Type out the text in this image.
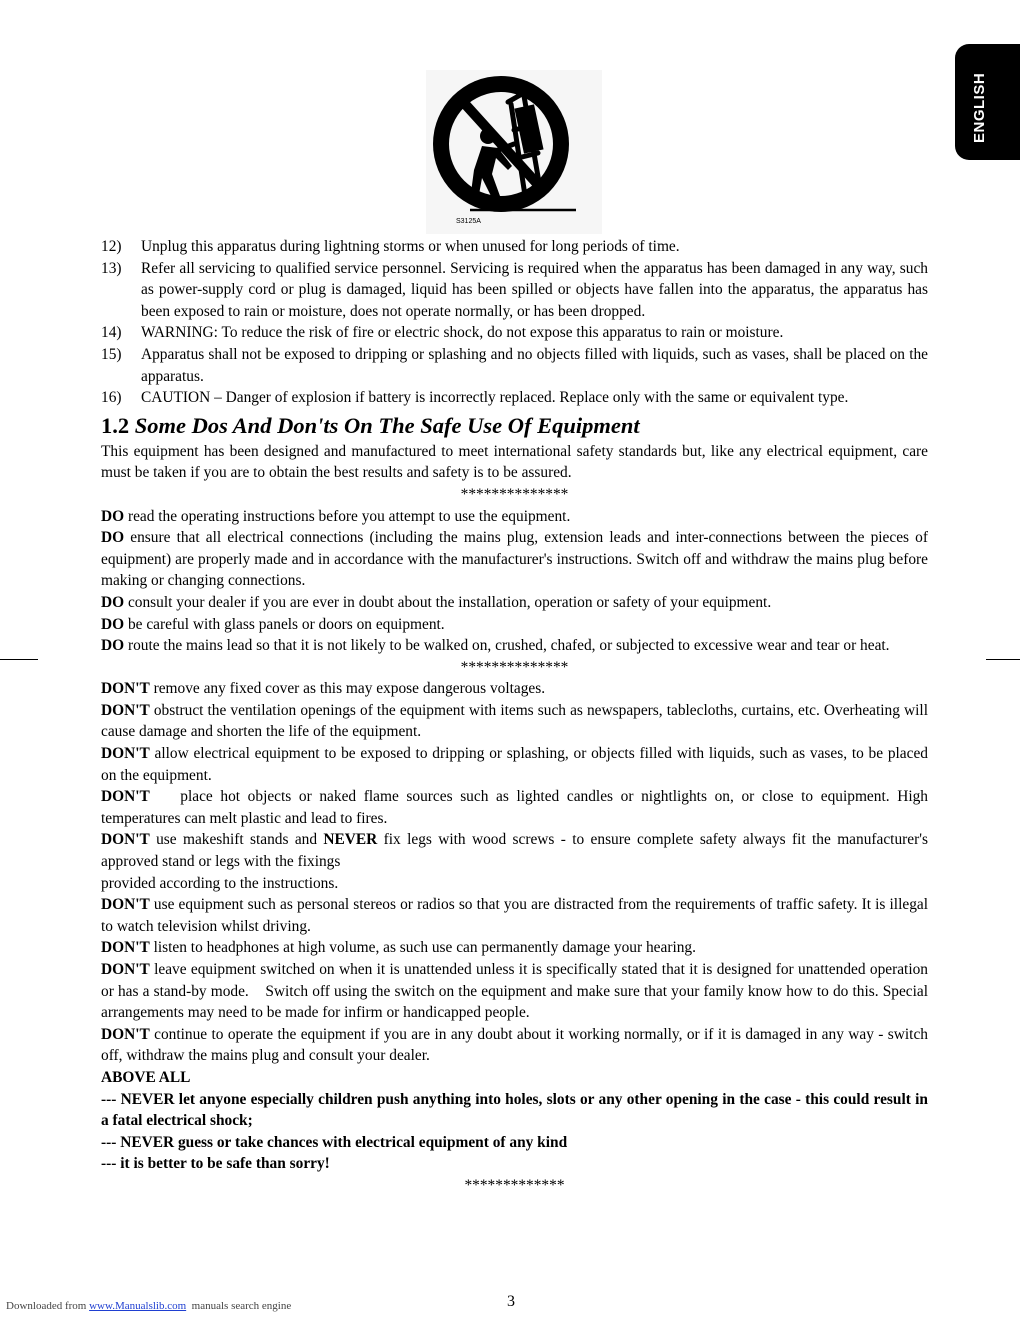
ENGLISH
S3125A
12)	Unplug this apparatus during lightning storms or when unused for long periods of time.
13)	Refer all servicing to qualified service personnel. Servicing is required when the apparatus has been damaged in any way, such as power-supply cord or plug is damaged, liquid has been spilled or objects have fallen into the apparatus, the apparatus has been exposed to rain or moisture, does not operate normally, or has been dropped.
14)	WARNING: To reduce the risk of fire or electric shock, do not expose this apparatus to rain or moisture.
15)	Apparatus shall not be exposed to dripping or splashing and no objects filled with liquids, such as vases, shall be placed on the apparatus.
16)	CAUTION – Danger of explosion if battery is incorrectly replaced. Replace only with the same or equivalent type.
1.2 Some Dos And Don'ts On The Safe Use Of Equipment

This equipment has been designed and manufactured to meet international safety standards but, like any electrical equipment, care must be taken if you are to obtain the best results and safety is to be assured.

**************

DO read the operating instructions before you attempt to use the equipment.

DO ensure that all electrical connections (including the mains plug, extension leads and inter-connections between the pieces of equipment) are properly made and in accordance with the manufacturer's instructions. Switch off and withdraw the mains plug before making or changing connections.

DO consult your dealer if you are ever in doubt about the installation, operation or safety of your equipment.

DO be careful with glass panels or doors on equipment.

DO route the mains lead so that it is not likely to be walked on, crushed, chafed, or subjected to excessive wear and tear or heat.

**************

DON'T remove any fixed cover as this may expose dangerous voltages.

DON'T obstruct the ventilation openings of the equipment with items such as newspapers, tablecloths, curtains, etc. Overheating will cause damage and shorten the life of the equipment.

DON'T allow electrical equipment to be exposed to dripping or splashing, or objects filled with liquids, such as vases, to be placed on the equipment.

DON'T    place hot objects or naked flame sources such as lighted candles or nightlights on, or close to equipment. High temperatures can melt plastic and lead to fires.

DON'T use makeshift stands and NEVER fix legs with wood screws - to ensure complete safety always fit the manufacturer's approved stand or legs with the fixings

provided according to the instructions.

DON'T use equipment such as personal stereos or radios so that you are distracted from the requirements of traffic safety. It is illegal to watch television whilst driving.

DON'T listen to headphones at high volume, as such use can permanently damage your hearing.

DON'T leave equipment switched on when it is unattended unless it is specifically stated that it is designed for unattended operation or has a stand-by mode.    Switch off using the switch on the equipment and make sure that your family know how to do this. Special arrangements may need to be made for infirm or handicapped people.

DON'T continue to operate the equipment if you are in any doubt about it working normally, or if it is damaged in any way - switch off, withdraw the mains plug and consult your dealer.

ABOVE ALL

--- NEVER let anyone especially children push anything into holes, slots or any other opening in the case - this could result in a fatal electrical shock;

--- NEVER guess or take chances with electrical equipment of any kind

--- it is better to be safe than sorry!

*************
Downloaded from www.Manualslib.com  manuals search engine	3
